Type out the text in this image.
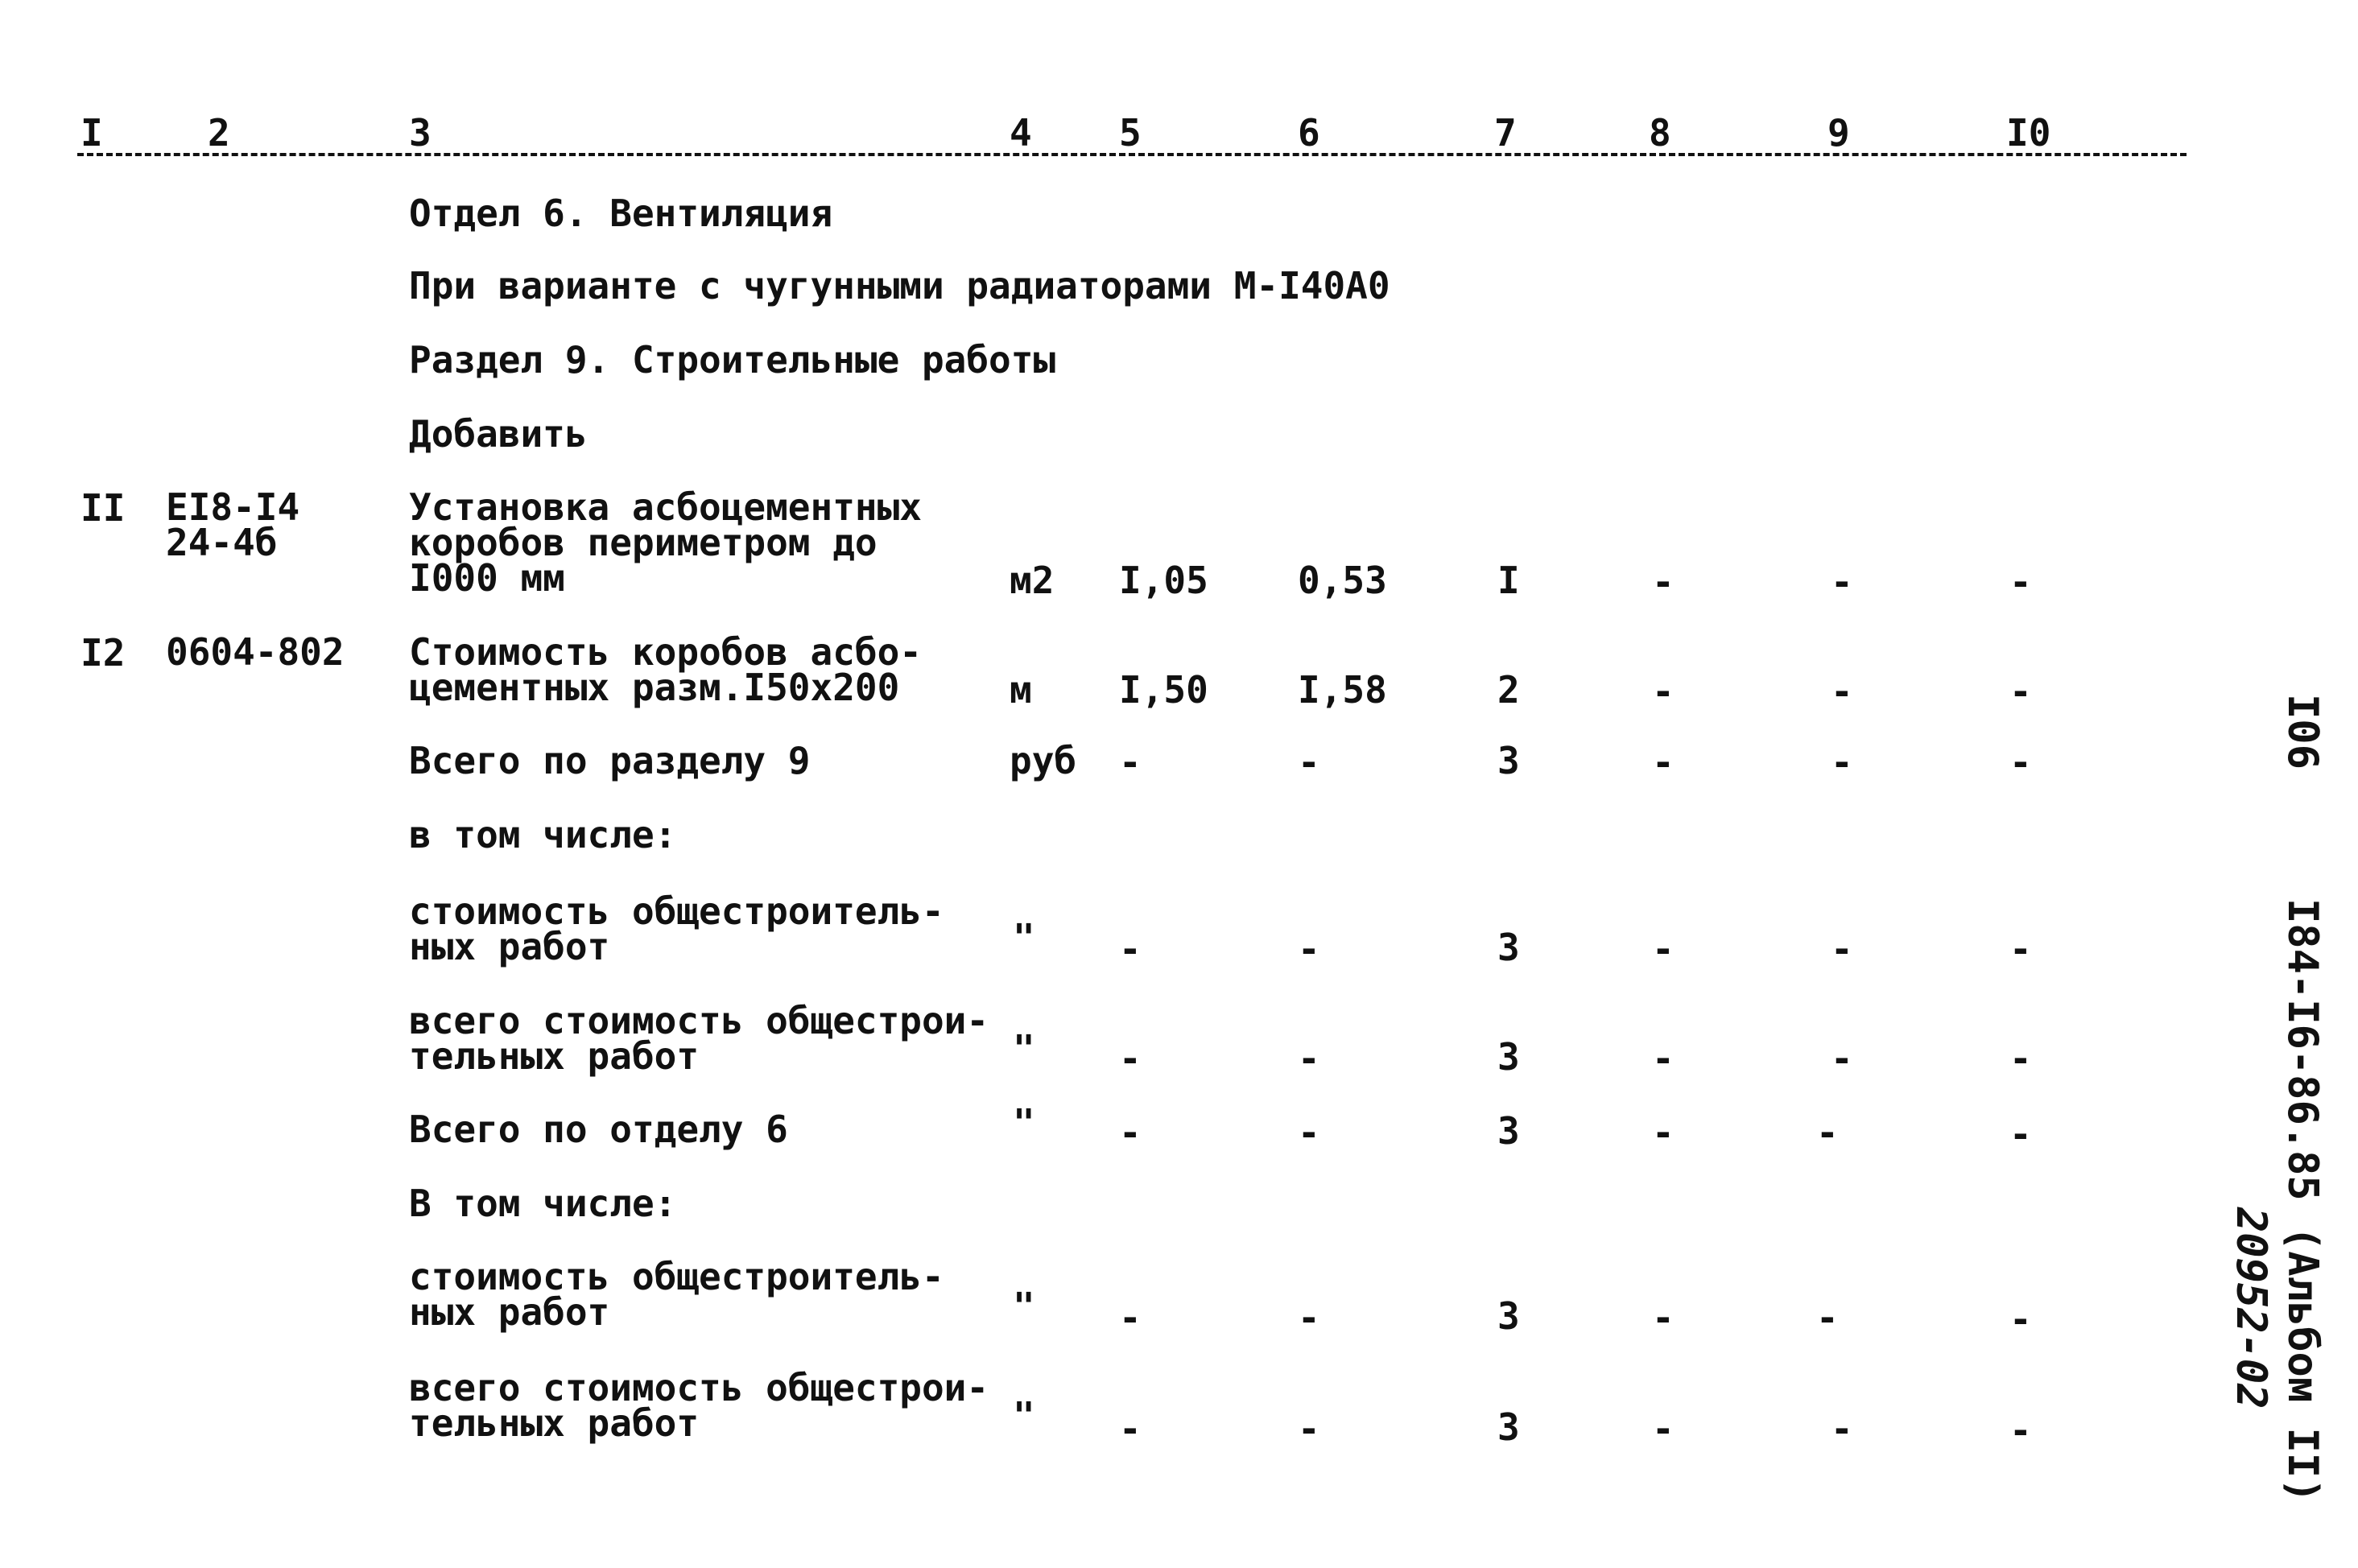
I	2	3	4 5	6	7	8	9	I0
Отдел 6. Вентиляция
При варианте с чугунными радиаторами М-I40А0
Раздел 9. Строительные работы
Добавить
II ЕI8-I4
24-4б
Установка асбоцементных
коробов периметром до
I000 мм	м2 I,05 0,53	I	-	-	-
I2 0604-802 Стоимость коробов асбо-
цементных разм.I50x200	м I,50 I,58	2	-	-	-
Всего по разделу 9	руб -	-	3	-	-	-
в том числе:
стоимость общестроитель-
ных работ	" -	-	3	-	-	-
всего стоимость общестрои-
тельных работ	" -	-	3	-	-	-
Всего по отделу 6	" -	-	3	-	-	-
В том числе:
стоимость общестроитель-
ных работ	" -	-	3	-	-	-
всего стоимость общестрои-
тельных работ	" -	-	3	-	-	-
I06
I84-I6-86.85 (Альбом II)
20952-02
